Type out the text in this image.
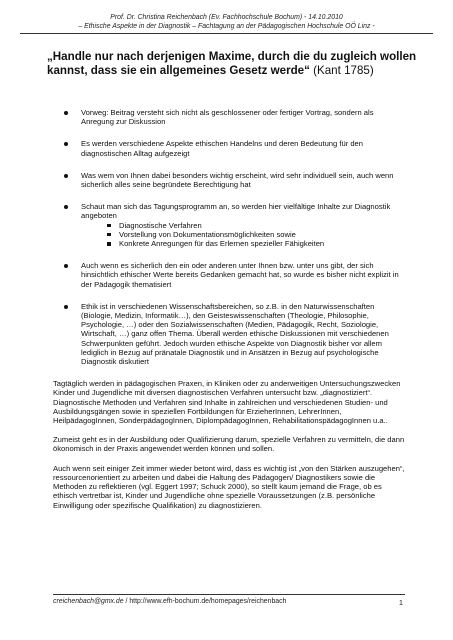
Prof. Dr. Christina Reichenbach (Ev. Fachhochschule Bochum) - 14.10.2010
– Ethische Aspekte in der Diagnostik – Fachtagung an der Pädagogischen Hochschule OÖ Linz -
„Handle nur nach derjenigen Maxime, durch die du zugleich wollen kannst, dass sie ein allgemeines Gesetz werde“ (Kant 1785)
Vorweg: Beitrag versteht sich nicht als geschlossener oder fertiger Vortrag, sondern als Anregung zur Diskussion
Es werden verschiedene Aspekte ethischen Handelns und deren Bedeutung für den diagnostischen Alltag aufgezeigt
Was wem von Ihnen dabei besonders wichtig erscheint, wird sehr individuell sein, auch wenn sicherlich alles seine begründete Berechtigung hat
Schaut man sich das Tagungsprogramm an, so werden hier vielfältige Inhalte zur Diagnostik angeboten
Diagnostische Verfahren
Vorstellung von Dokumentationsmöglichkeiten sowie
Konkrete Anregungen für das Erlernen spezieller Fähigkeiten
Auch wenn es sicherlich den ein oder anderen unter Ihnen bzw. unter uns gibt, der sich hinsichtlich ethischer Werte bereits Gedanken gemacht hat, so wurde es bisher nicht explizit in der Pädagogik thematisiert
Ethik ist in verschiedenen Wissenschaftsbereichen, so z.B. in den Naturwissenschaften (Biologie, Medizin, Informatik…), den Geisteswissenschaften (Theologie, Philosophie, Psychologie, …) oder den Sozialwissenschaften (Medien, Pädagogik, Recht, Soziologie, Wirtschaft, …) ganz offen Thema. Überall werden ethische Diskussionen mit verschiedenen Schwerpunkten geführt. Jedoch wurden ethische Aspekte von Diagnostik bisher vor allem lediglich in Bezug auf pränatale Diagnostik und in Ansätzen in Bezug auf psychologische Diagnostik diskutiert

Tagtäglich werden in pädagogischen Praxen, in Kliniken oder zu anderweitigen Untersuchungszwecken Kinder und Jugendliche mit diversen diagnostischen Verfahren untersucht bzw. „diagnostiziert“. Diagnostische Methoden und Verfahren sind Inhalte in zahlreichen und verschiedenen Studien- und Ausbildungsgängen sowie in speziellen Fortbildungen für ErzieherInnen, LehrerInnen, HeilpädagogInnen, SonderpädagogInnen, DiplompädagogInnen, RehabilitationspädagogInnen u.a..

Zumeist geht es in der Ausbildung oder Qualifizierung darum, spezielle Verfahren zu vermitteln, die dann ökonomisch in der Praxis angewendet werden können und sollen.

Auch wenn seit einiger Zeit immer wieder betont wird, dass es wichtig ist „von den Stärken auszugehen“, ressourcenorientiert zu arbeiten und dabei die Haltung des Pädagogen/ Diagnostikers sowie die Methoden zu reflektieren (vgl. Eggert 1997; Schuck 2000), so stellt kaum jemand die Frage, ob es ethisch vertretbar ist, Kinder und Jugendliche ohne spezielle Voraussetzungen (z.B. persönliche Einwilligung oder spezifische Qualifikation) zu diagnostizieren.

creichenbach@gmx.de / http://www.efh-bochum.de/homepages/reichenbach	1
